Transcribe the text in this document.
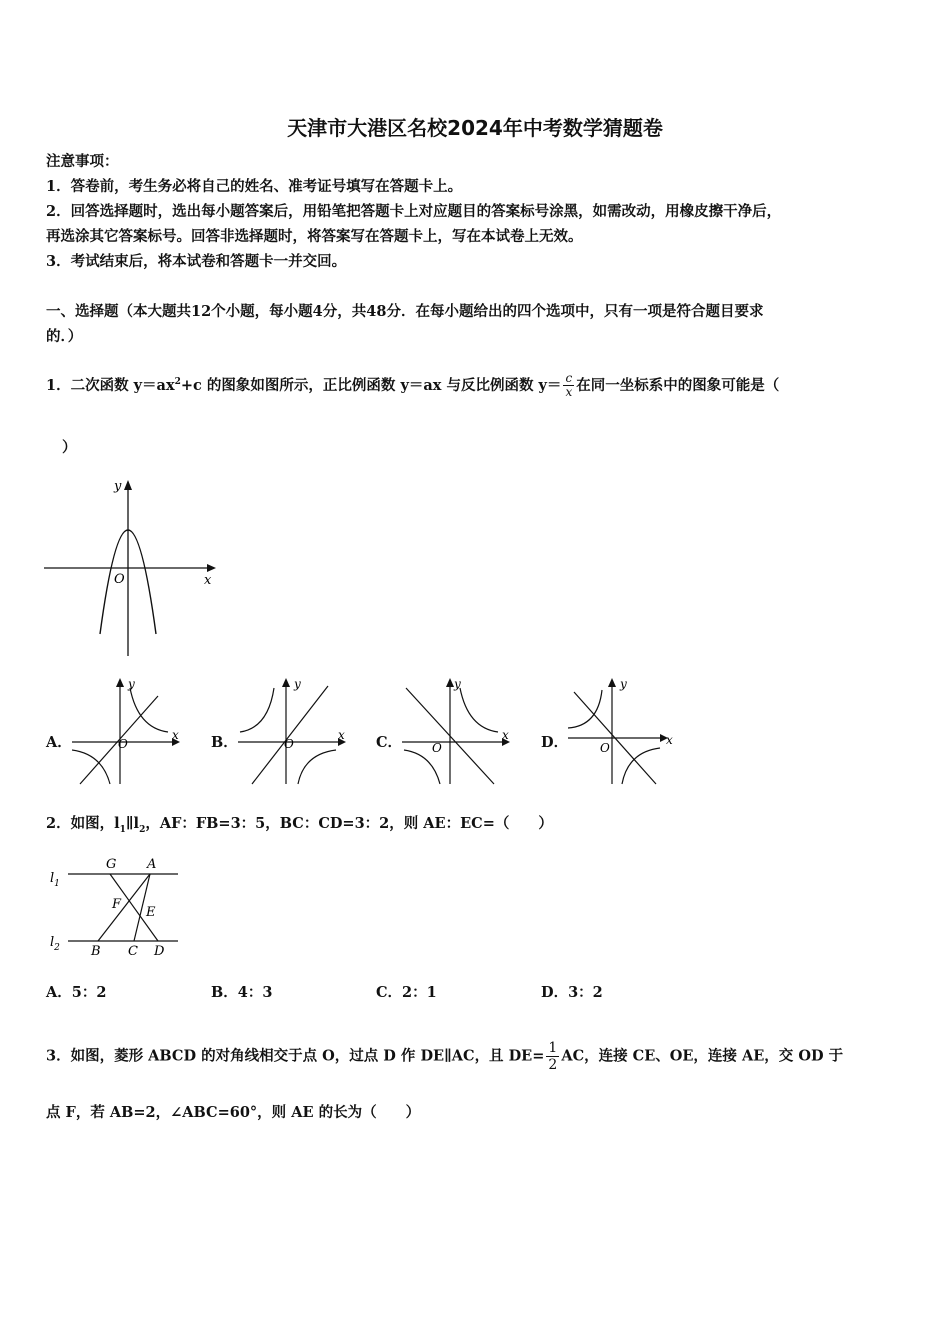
天津市大港区名校2024年中考数学猜题卷
注意事项：
1．答卷前，考生务必将自己的姓名、准考证号填写在答题卡上。
2．回答选择题时，选出每小题答案后，用铅笔把答题卡上对应题目的答案标号涂黑，如需改动，用橡皮擦干净后，
再选涂其它答案标号。回答非选择题时，将答案写在答题卡上，写在本试卷上无效。
3．考试结束后，将本试卷和答题卡一并交回。
一、选择题（本大题共12个小题，每小题4分，共48分．在每小题给出的四个选项中，只有一项是符合题目要求
的．）
1．二次函数 $y=ax^2+c$ 的图象如图所示，正比例函数 y＝ax 与反比例函数 $y= \frac{c}{x}$ 在同一坐标系中的图象可能是（
）
y
O	x
A．
y
O
x B．
y
O
x C．
y
O
x D．
y
O
x
2．如图，$l_1\parallel l_2$，AF：FB=3：5，BC：CD=3：2，则 AE：EC=（　　）
$l_1$
$l_2$
G A
F
E
B C D
A．5：2	B．4：3	C．2：1	D．3：2
3．如图，菱形 ABCD 的对角线相交于点 O，过点 D 作 DE∥AC，且 $DE= \frac{1}{2}$ AC，连接 CE、OE，连接 AE，交 OD 于
点 F，若 AB=2，∠ABC=60°，则 AE 的长为（　　）
